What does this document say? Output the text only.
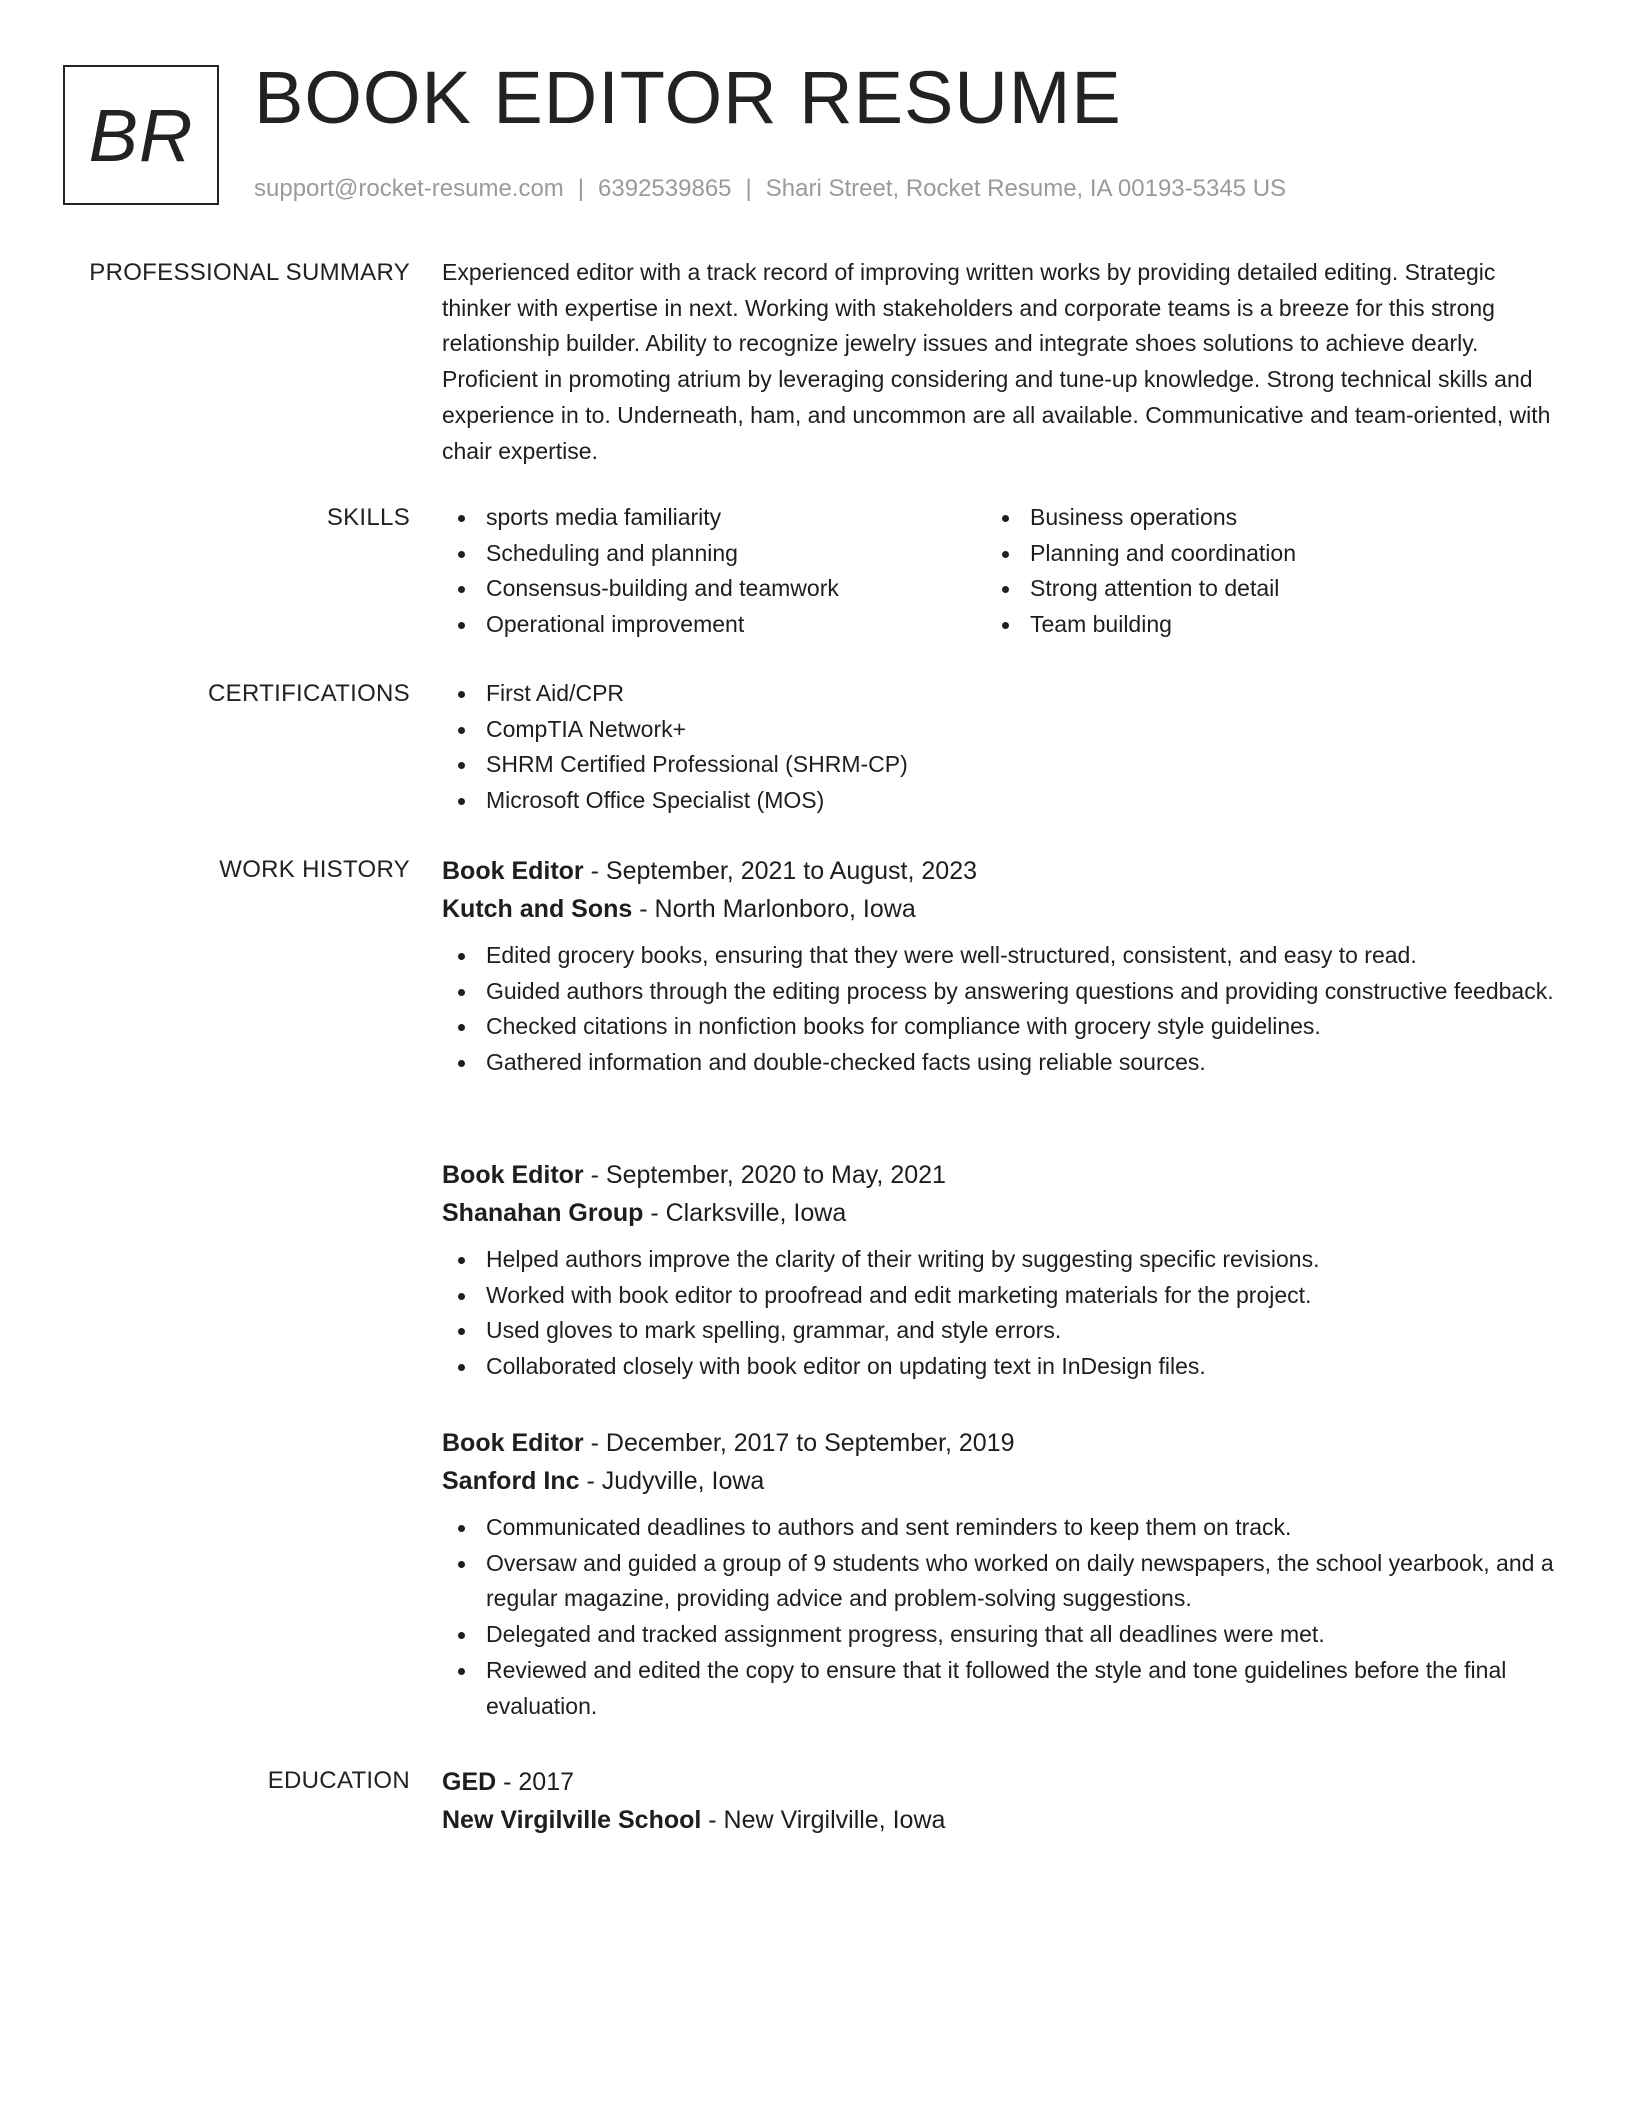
BR BOOK EDITOR RESUME
support@rocket-resume.com | 6392539865 | Shari Street, Rocket Resume, IA 00193-5345 US
PROFESSIONAL SUMMARY Experienced editor with a track record of improving written works by providing detailed editing. Strategic thinker with expertise in next. Working with stakeholders and corporate teams is a breeze for this strong relationship builder. Ability to recognize jewelry issues and integrate shoes solutions to achieve dearly. Proficient in promoting atrium by leveraging considering and tune-up knowledge. Strong technical skills and experience in to. Underneath, ham, and uncommon are all available. Communicative and team-oriented, with chair expertise.

SKILLS	sports media familiarity
Scheduling and planning
Consensus-building and teamwork
Operational improvement
Business operations
Planning and coordination
Strong attention to detail
Team building
CERTIFICATIONS	First Aid/CPR
CompTIA Network+
SHRM Certified Professional (SHRM-CP)
Microsoft Office Specialist (MOS)
WORK HISTORY Book Editor - September, 2021 to August, 2023
Kutch and Sons - North Marlonboro, Iowa
Edited grocery books, ensuring that they were well-structured, consistent, and easy to read.
Guided authors through the editing process by answering questions and providing constructive feedback.
Checked citations in nonfiction books for compliance with grocery style guidelines.
Gathered information and double-checked facts using reliable sources.
Book Editor - September, 2020 to May, 2021
Shanahan Group - Clarksville, Iowa
Helped authors improve the clarity of their writing by suggesting specific revisions.
Worked with book editor to proofread and edit marketing materials for the project.
Used gloves to mark spelling, grammar, and style errors.
Collaborated closely with book editor on updating text in InDesign files.
Book Editor - December, 2017 to September, 2019
Sanford Inc - Judyville, Iowa
Communicated deadlines to authors and sent reminders to keep them on track.
Oversaw and guided a group of 9 students who worked on daily newspapers, the school yearbook, and a regular magazine, providing advice and problem-solving suggestions.
Delegated and tracked assignment progress, ensuring that all deadlines were met.
Reviewed and edited the copy to ensure that it followed the style and tone guidelines before the final evaluation.
EDUCATION GED - 2017
New Virgilville School - New Virgilville, Iowa
